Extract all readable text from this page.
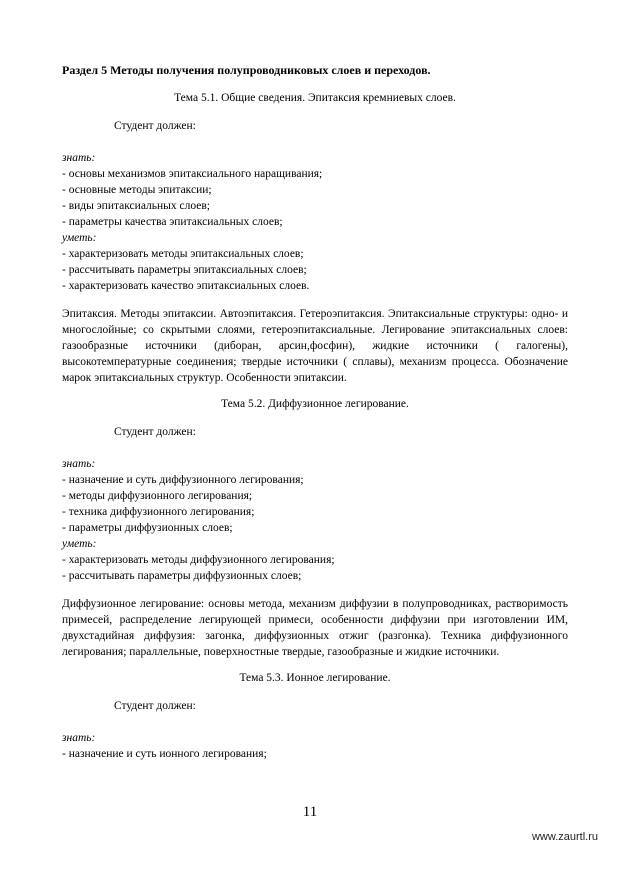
Раздел 5 Методы получения полупроводниковых слоев и переходов.
Тема 5.1. Общие сведения. Эпитаксия кремниевых слоев.
Студент должен:
знать:
- основы механизмов эпитаксиального наращивания;
- основные методы эпитаксии;
- виды эпитаксиальных слоев;
- параметры качества эпитаксиальных слоев;
уметь:
- характеризовать методы эпитаксиальных слоев;
- рассчитывать параметры эпитаксиальных слоев;
- характеризовать качество эпитаксиальных слоев.
Эпитаксия. Методы эпитаксии. Автоэпитаксия. Гетероэпитаксия. Эпитаксиальные структуры: одно- и многослойные; со скрытыми слоями, гетероэпитаксиальные. Легирование эпитаксиальных слоев: газообразные источники (диборан, арсин,фосфин), жидкие источники ( галогены), высокотемпературные соединения; твердые источники ( сплавы), механизм процесса. Обозначение марок эпитаксиальных структур. Особенности эпитаксии.
Тема 5.2. Диффузионное легирование.
Студент должен:
знать:
- назначение и суть диффузионного легирования;
- методы диффузионного легирования;
- техника диффузионного легирования;
- параметры диффузионных слоев;
уметь:
- характеризовать методы диффузионного легирования;
- рассчитывать параметры диффузионных слоев;
Диффузионное легирование: основы метода, механизм диффузии в полупроводниках, растворимость примесей, распределение легирующей примеси, особенности диффузии при изготовлении ИМ, двухстадийная диффузия: загонка, диффузионных отжиг (разгонка). Техника диффузионного легирования; параллельные, поверхностные твердые, газообразные и жидкие источники.
Тема 5.3. Ионное легирование.
Студент должен:
знать:
- назначение и суть ионного легирования;
11
www.zaurtl.ru
